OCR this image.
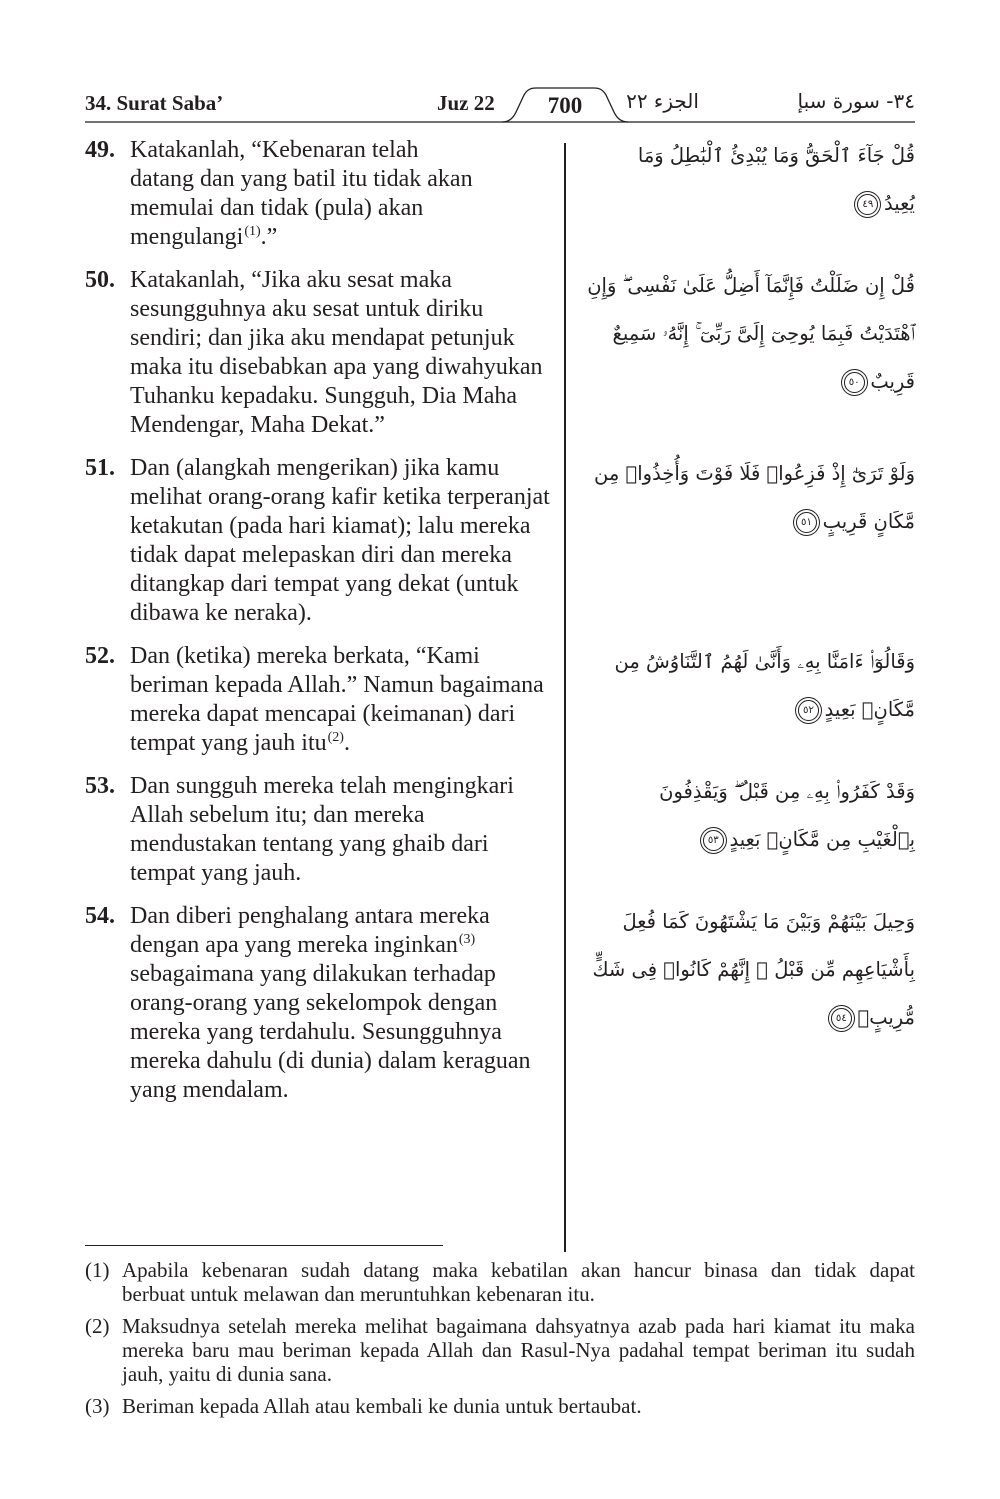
34. Surat Saba’	Juz 22	700	الجزء ٢٢	٣٤- سورة سبإ
49. Katakanlah, “Kebenaran telah
datang dan yang batil itu tidak akan
memulai dan tidak (pula) akan
mengulangi$^{(1)}$.”
قُلْ جَآءَ ٱلْحَقُّ وَمَا يُبْدِئُ ٱلْبَٰطِلُ وَمَا
يُعِيدُ٤٩
50. Katakanlah, “Jika aku sesat maka
sesungguhnya aku sesat untuk diriku
sendiri; dan jika aku mendapat petunjuk
maka itu disebabkan apa yang diwahyukan
Tuhanku kepadaku. Sungguh, Dia Maha
Mendengar, Maha Dekat.”
قُلْ إِن ضَلَلْتُ فَإِنَّمَآ أَضِلُّ عَلَىٰ نَفْسِى ۖ وَإِنِ
ٱهْتَدَيْتُ فَبِمَا يُوحِىٓ إِلَىَّ رَبِّىٓ ۚ إِنَّهُۥ سَمِيعٌ
قَرِيبٌ٥٠
51. Dan (alangkah mengerikan) jika kamu
melihat orang-orang kafir ketika terperanjat
ketakutan (pada hari kiamat); lalu mereka
tidak dapat melepaskan diri dan mereka
ditangkap dari tempat yang dekat (untuk
dibawa ke neraka).
وَلَوْ تَرَىٰٓ إِذْ فَزِعُوا۟ فَلَا فَوْتَ وَأُخِذُوا۟ مِن
مَّكَانٍ قَرِيبٍ٥١
52. Dan (ketika) mereka berkata, “Kami
beriman kepada Allah.” Namun bagaimana
mereka dapat mencapai (keimanan) dari
tempat yang jauh itu$^{(2)}$.
وَقَالُوٓا۟ ءَامَنَّا بِهِۦ وَأَنَّىٰ لَهُمُ ٱلتَّنَاوُشُ مِن
مَّكَانٍۭ بَعِيدٍ٥٢
53. Dan sungguh mereka telah mengingkari
Allah sebelum itu; dan mereka
mendustakan tentang yang ghaib dari
tempat yang jauh.
وَقَدْ كَفَرُوا۟ بِهِۦ مِن قَبْلُ ۖ وَيَقْذِفُونَ
بِٱلْغَيْبِ مِن مَّكَانٍۭ بَعِيدٍ٥٣
54. Dan diberi penghalang antara mereka
dengan apa yang mereka inginkan$^{(3)}$
sebagaimana yang dilakukan terhadap
orang-orang yang sekelompok dengan
mereka yang terdahulu. Sesungguhnya
mereka dahulu (di dunia) dalam keraguan
yang mendalam.
وَحِيلَ بَيْنَهُمْ وَبَيْنَ مَا يَشْتَهُونَ كَمَا فُعِلَ
بِأَشْيَاعِهِم مِّن قَبْلُ ۚ إِنَّهُمْ كَانُوا۟ فِى شَكٍّ
مُّرِيبٍۭ٥٤
(1) Apabila kebenaran sudah datang maka kebatilan akan hancur binasa dan tidak dapat
berbuat untuk melawan dan meruntuhkan kebenaran itu.
(2) Maksudnya setelah mereka melihat bagaimana dahsyatnya azab pada hari kiamat itu maka
mereka baru mau beriman kepada Allah dan Rasul-Nya padahal tempat beriman itu sudah
jauh, yaitu di dunia sana.
(3) Beriman kepada Allah atau kembali ke dunia untuk bertaubat.
